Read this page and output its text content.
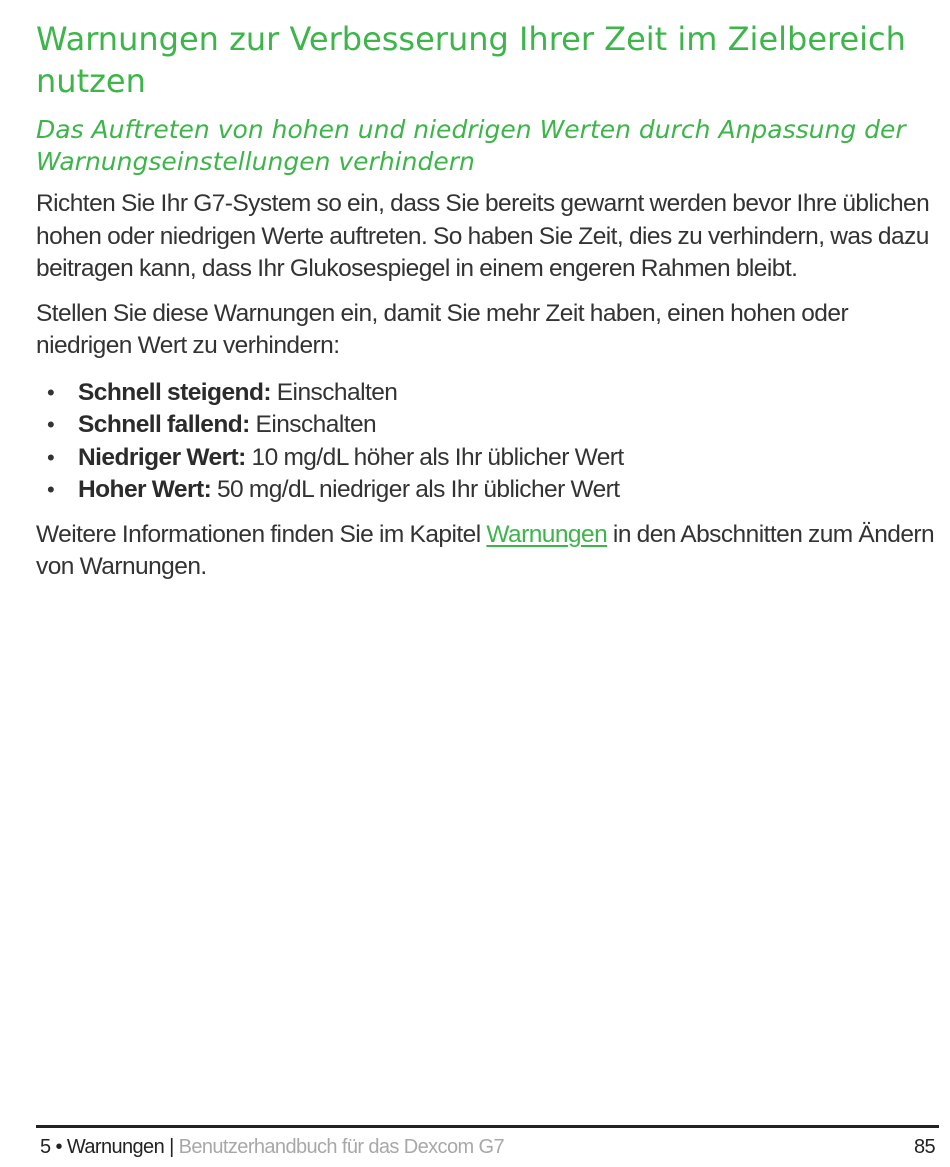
Warnungen zur Verbesserung Ihrer Zeit im Zielbereich nutzen
Das Auftreten von hohen und niedrigen Werten durch Anpassung der Warnungseinstellungen verhindern

Richten Sie Ihr G7-System so ein, dass Sie bereits gewarnt werden bevor Ihre üblichen hohen oder niedrigen Werte auftreten. So haben Sie Zeit, dies zu verhindern, was dazu beitragen kann, dass Ihr Glukosespiegel in einem engeren Rahmen bleibt.

Stellen Sie diese Warnungen ein, damit Sie mehr Zeit haben, einen hohen oder niedrigen Wert zu verhindern:

• Schnell steigend: Einschalten
• Schnell fallend: Einschalten
• Niedriger Wert: 10 mg/dL höher als Ihr üblicher Wert
• Hoher Wert: 50 mg/dL niedriger als Ihr üblicher Wert

Weitere Informationen finden Sie im Kapitel Warnungen in den Abschnitten zum Ändern von Warnungen.

5 • Warnungen | Benutzerhandbuch für das Dexcom G7	85
